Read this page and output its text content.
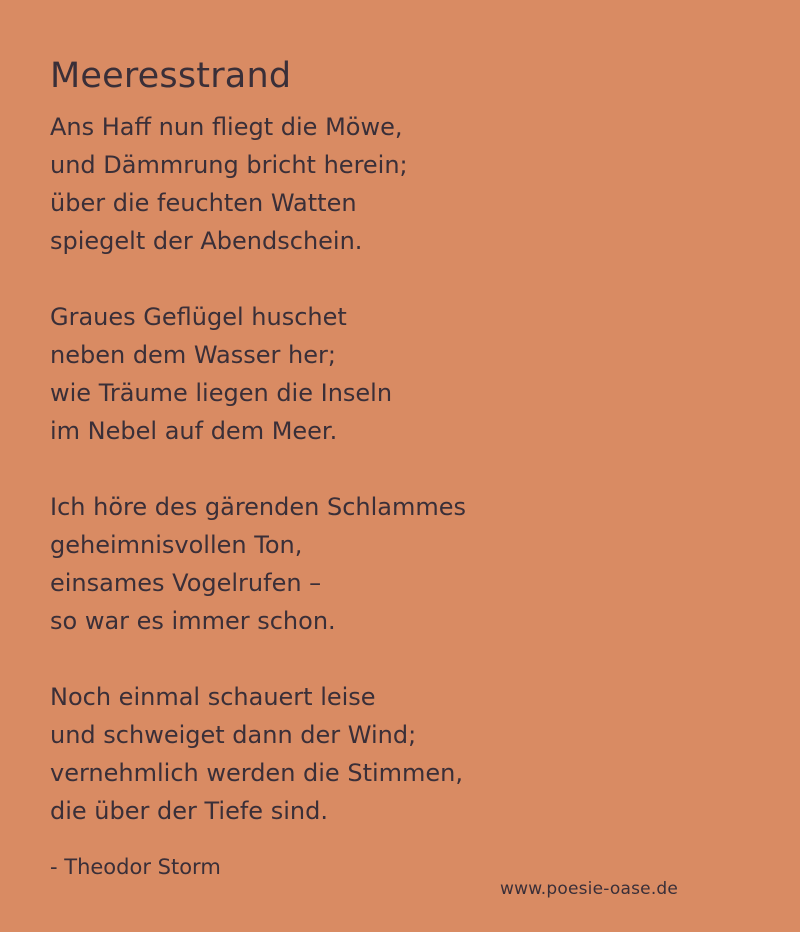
Meeresstrand
Ans Haff nun fliegt die Möwe,
und Dämmrung bricht herein;
über die feuchten Watten
spiegelt der Abendschein.
Graues Geflügel huschet
neben dem Wasser her;
wie Träume liegen die Inseln
im Nebel auf dem Meer.
Ich höre des gärenden Schlammes
geheimnisvollen Ton,
einsames Vogelrufen –
so war es immer schon.
Noch einmal schauert leise
und schweiget dann der Wind;
vernehmlich werden die Stimmen,
die über der Tiefe sind.
- Theodor Storm
www.poesie-oase.de
